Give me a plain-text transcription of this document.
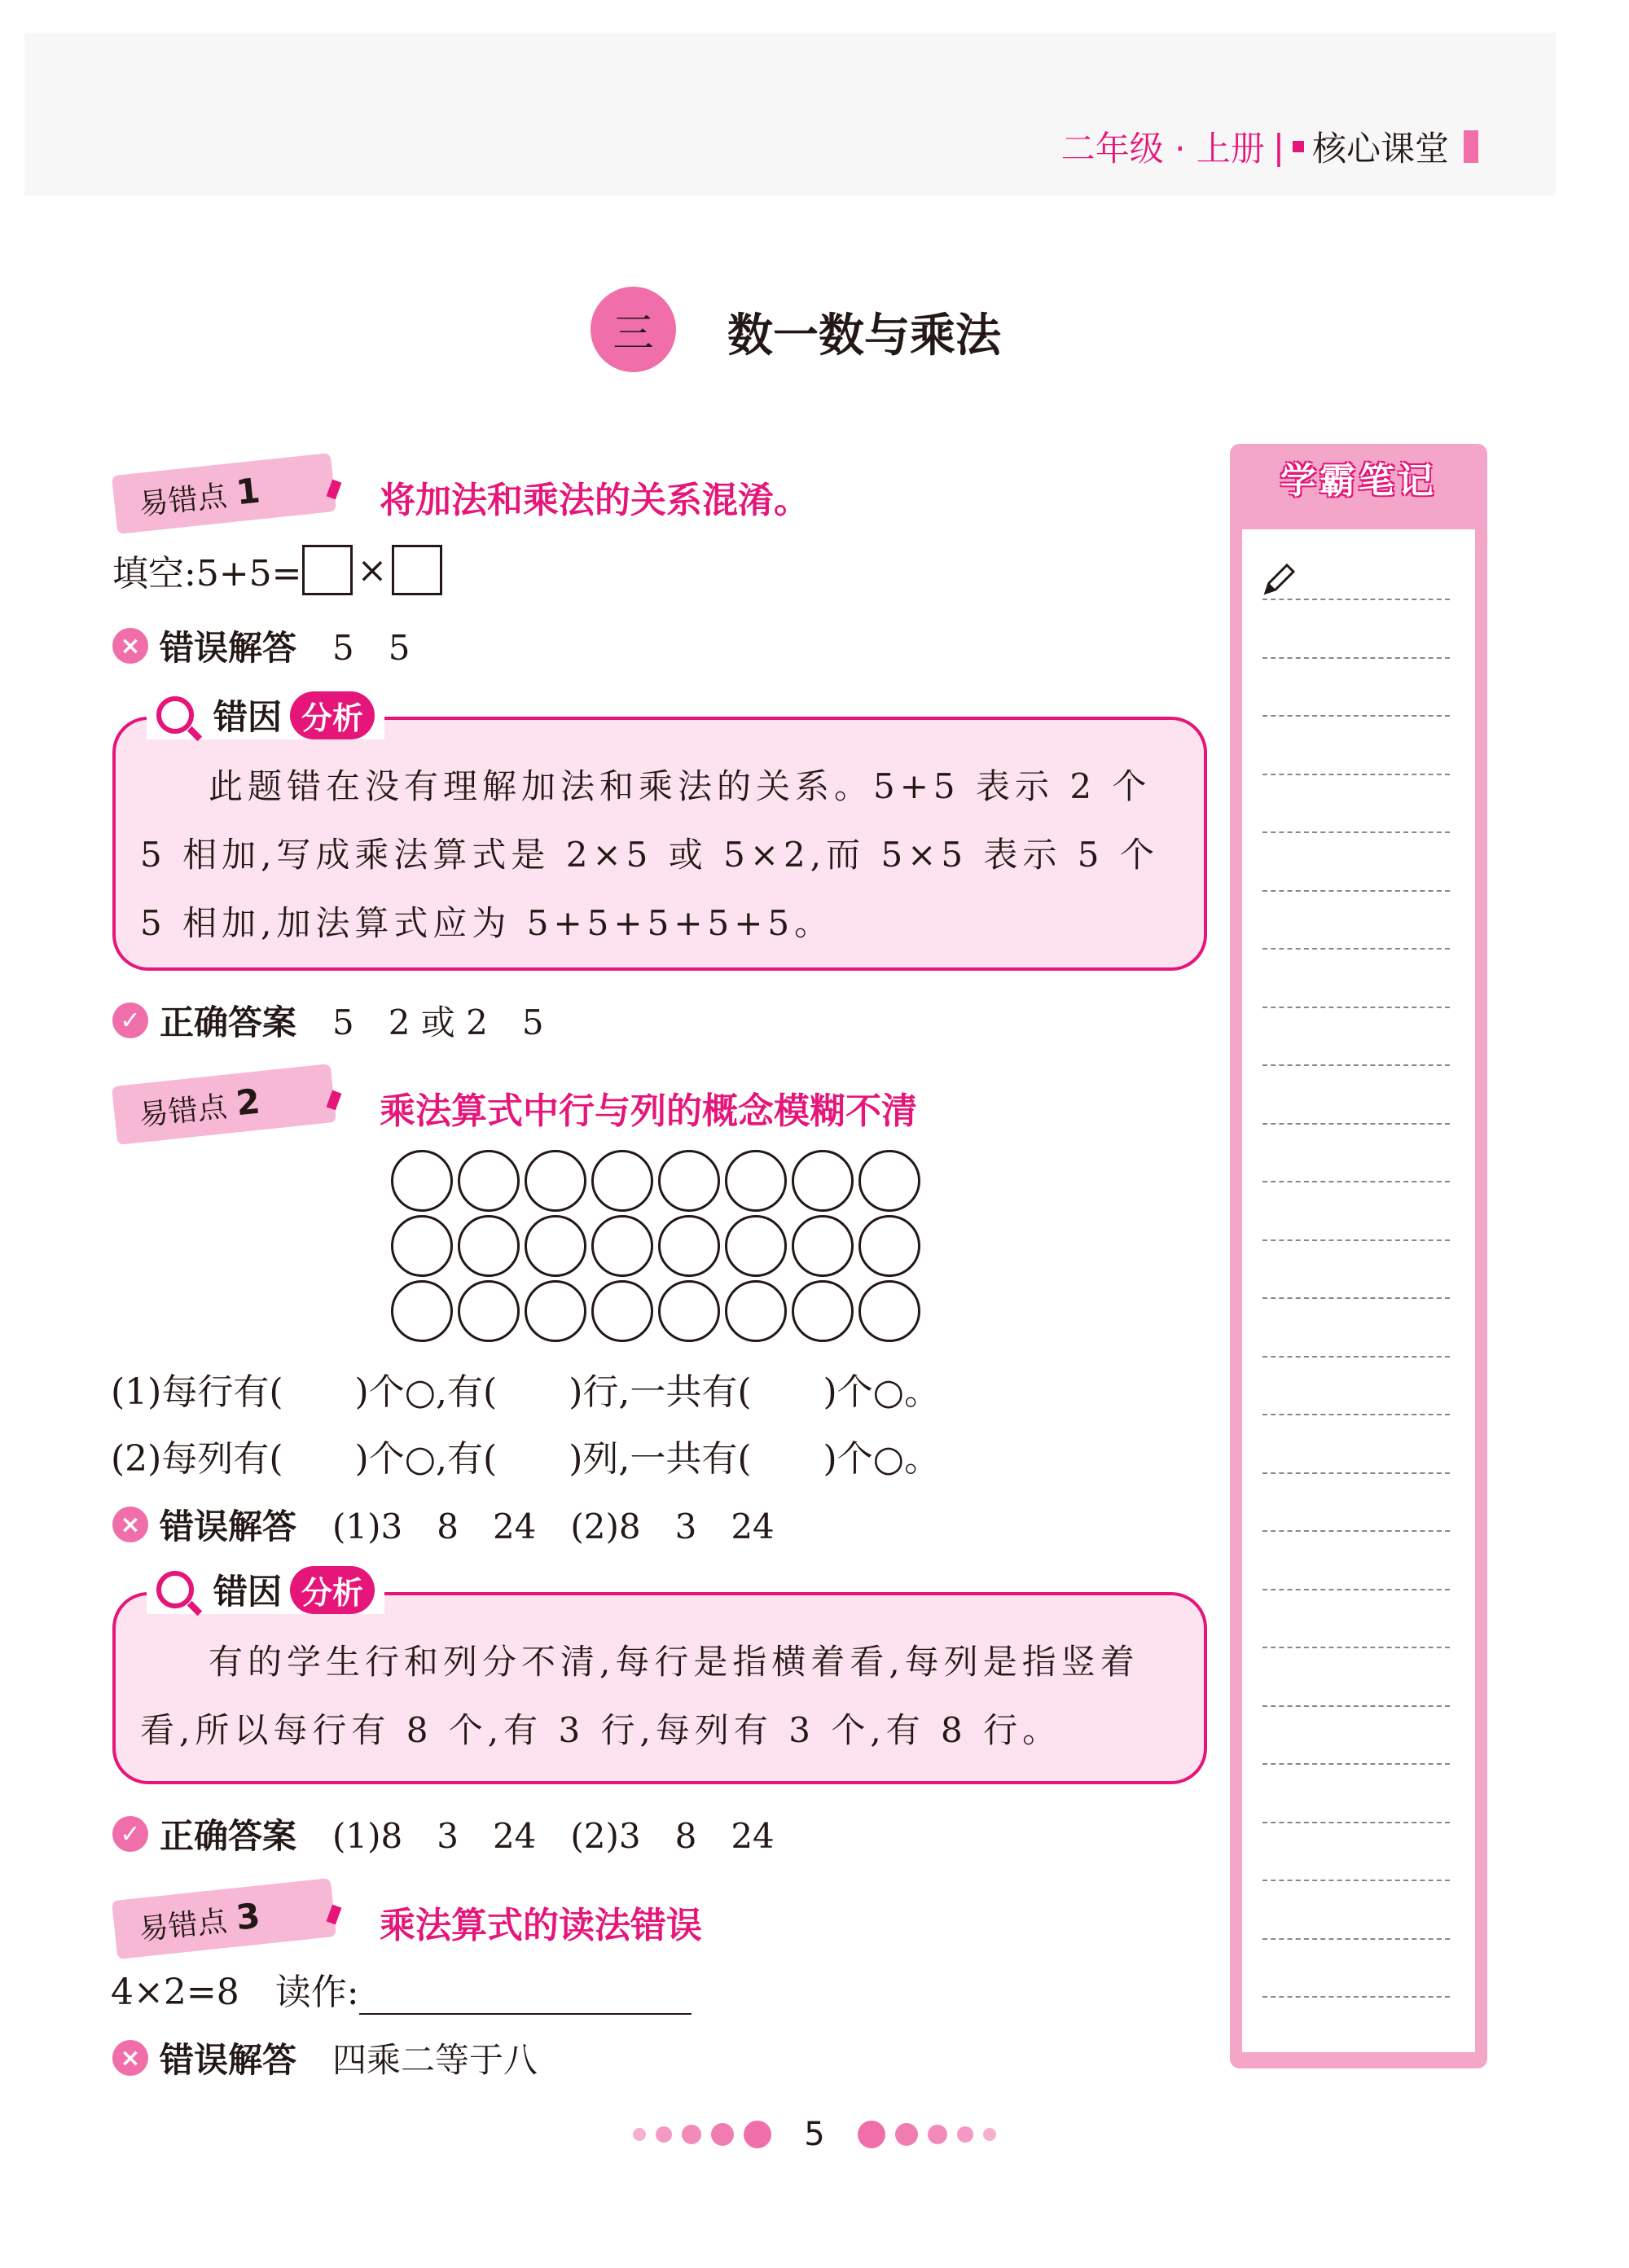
二年级 · 上册 | 核心课堂
三	数一数与乘法
学霸笔记
易错点 1	将加法和乘法的关系混淆。
填空:5+5= ×
× 错误解答 5　5
此题错在没有理解加法和乘法的关系。5+5 表示 2 个 5 相加,写成乘法算式是 2×5 或 5×2,而 5×5 表示 5 个 5 相加,加法算式应为 5+5+5+5+5。
错因 分析
✓ 正确答案 5　2 或 2　5
易错点 2	乘法算式中行与列的概念模糊不清
(1)每行有(　　)个○,有(　　)行,一共有(　　)个○。
(2)每列有(　　)个○,有(　　)列,一共有(　　)个○。
× 错误解答 (1)3　8　24　(2)8　3　24
有的学生行和列分不清,每行是指横着看,每列是指竖着看,所以每行有 8 个,有 3 行,每列有 3 个,有 8 行。
错因 分析
✓ 正确答案 (1)8　3　24　(2)3　8　24
易错点 3	乘法算式的读法错误
4×2=8　读作:
× 错误解答 四乘二等于八
5
